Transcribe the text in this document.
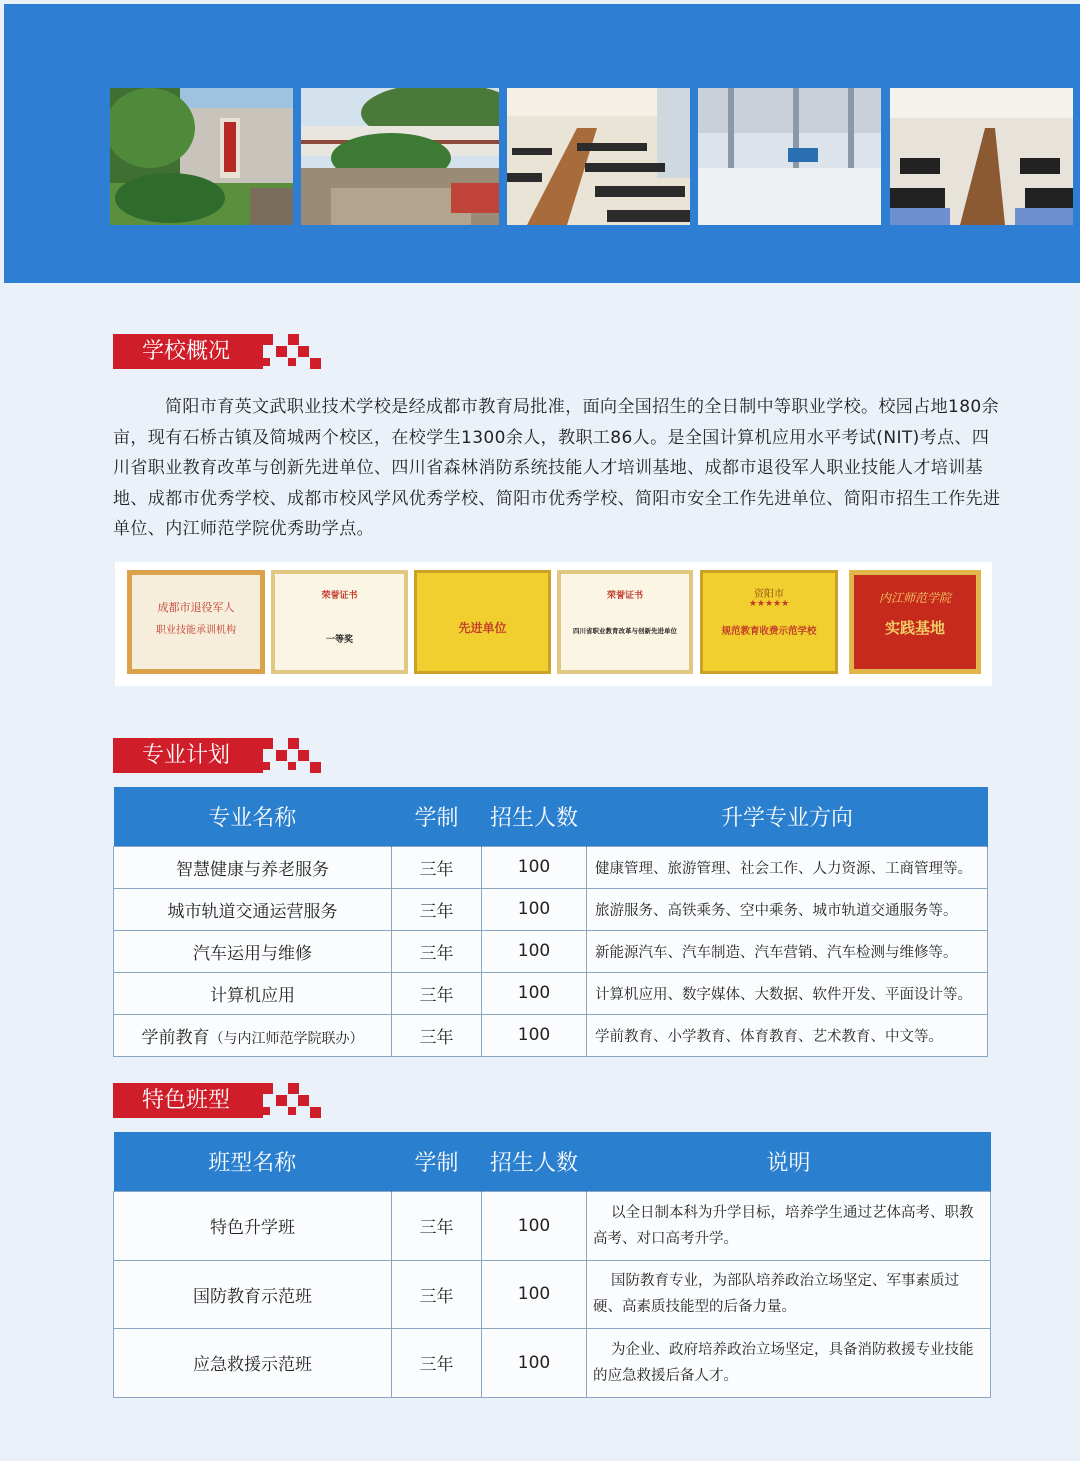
学校概况

简阳市育英文武职业技术学校是经成都市教育局批准，面向全国招生的全日制中等职业学校。校园占地180余亩，现有石桥古镇及简城两个校区，在校学生1300余人，教职工86人。是全国计算机应用水平考试(NIT)考点、四川省职业教育改革与创新先进单位、四川省森林消防系统技能人才培训基地、成都市退役军人职业技能人才培训基地、成都市优秀学校、成都市校风学风优秀学校、简阳市优秀学校、简阳市安全工作先进单位、简阳市招生工作先进单位、内江师范学院优秀助学点。

成都市退役军人
职业技能承训机构
荣誉证书
一等奖
先进单位
荣誉证书
四川省职业教育改革与创新先进单位
资阳市
★★★★★
规范教育收费示范学校
内江师范学院
实践基地
专业计划
专业名称	学制	招生人数	升学专业方向
智慧健康与养老服务	三年	100	健康管理、旅游管理、社会工作、人力资源、工商管理等。
城市轨道交通运营服务	三年	100	旅游服务、高铁乘务、空中乘务、城市轨道交通服务等。
汽车运用与维修	三年	100	新能源汽车、汽车制造、汽车营销、汽车检测与维修等。
计算机应用	三年	100	计算机应用、数字媒体、大数据、软件开发、平面设计等。
学前教育（与内江师范学院联办）	三年	100	学前教育、小学教育、体育教育、艺术教育、中文等。
特色班型
班型名称	学制	招生人数	说明
特色升学班	三年	100	以全日制本科为升学目标，培养学生通过艺体高考、职教高考、对口高考升学。
国防教育示范班	三年	100	国防教育专业，为部队培养政治立场坚定、军事素质过硬、高素质技能型的后备力量。
应急救援示范班	三年	100	为企业、政府培养政治立场坚定，具备消防救援专业技能的应急救援后备人才。
